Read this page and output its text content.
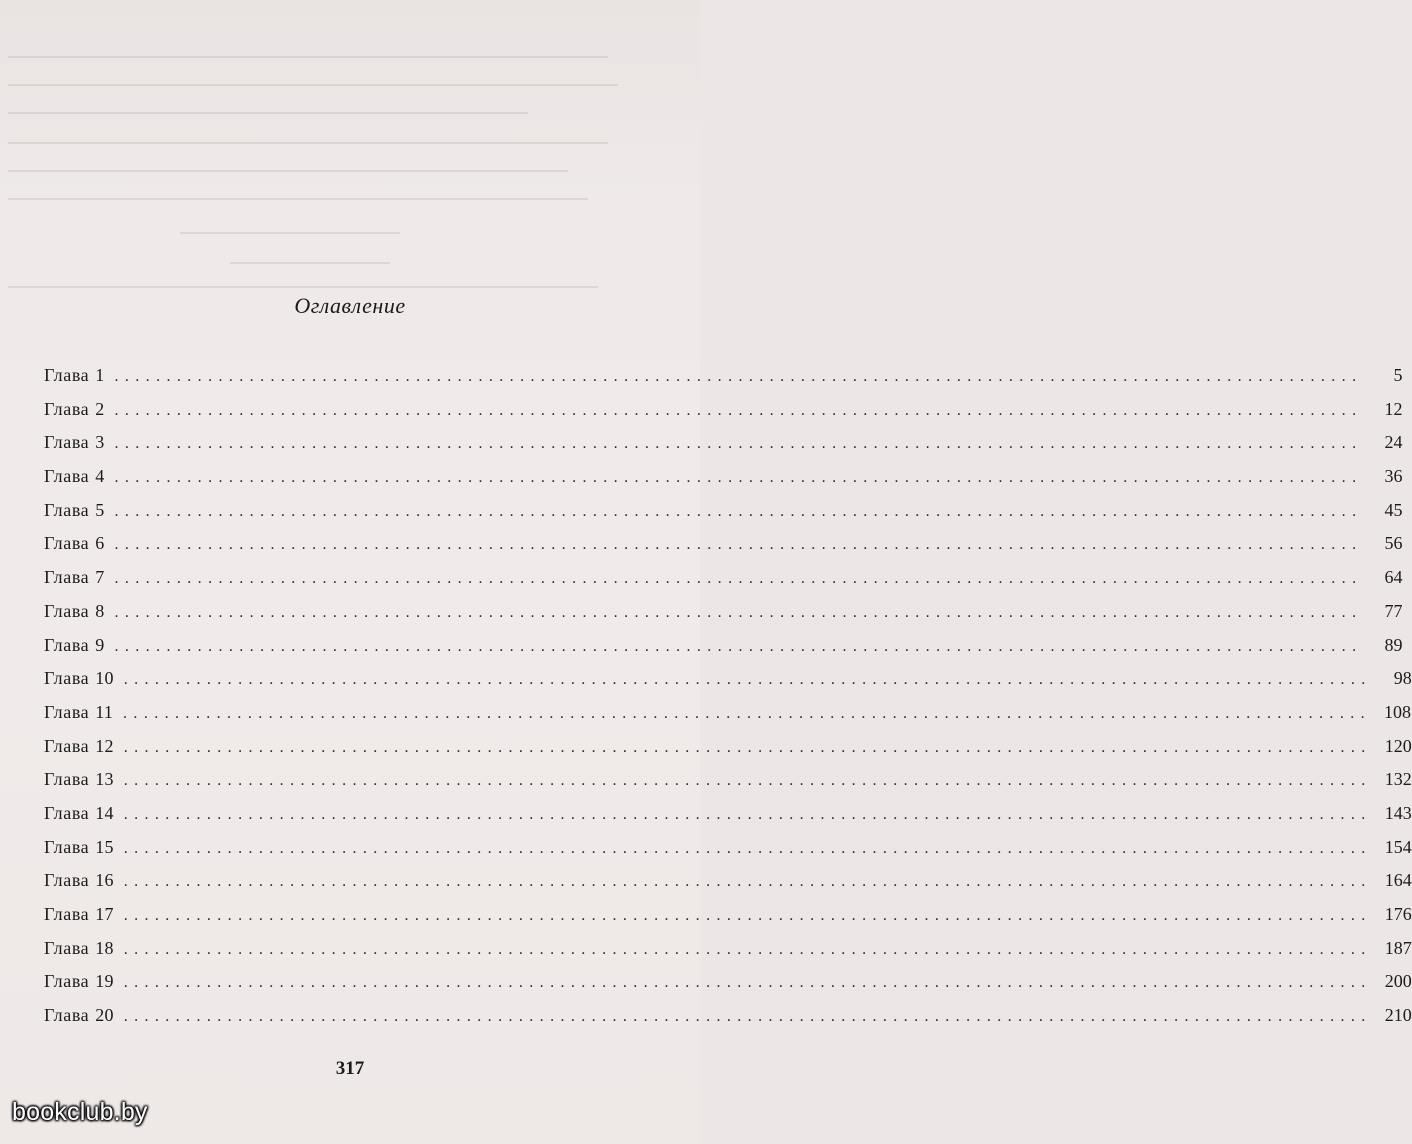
Оглавление
Глава 1 ........................................................................................................................	5
Глава 2 ........................................................................................................................	12
Глава 3 ........................................................................................................................	24
Глава 4 ........................................................................................................................	36
Глава 5 ........................................................................................................................	45
Глава 6 ........................................................................................................................	56
Глава 7 ........................................................................................................................	64
Глава 8 ........................................................................................................................	77
Глава 9 ........................................................................................................................	89
Глава 10 ........................................................................................................................	98
Глава 11 ........................................................................................................................ 108
Глава 12 ........................................................................................................................ 120
Глава 13 ........................................................................................................................ 132
Глава 14 ........................................................................................................................ 143
Глава 15 ........................................................................................................................ 154
Глава 16 ........................................................................................................................ 164
Глава 17 ........................................................................................................................ 176
Глава 18 ........................................................................................................................ 187
Глава 19 ........................................................................................................................ 200
Глава 20 ........................................................................................................................ 210
317
bookclub.by
